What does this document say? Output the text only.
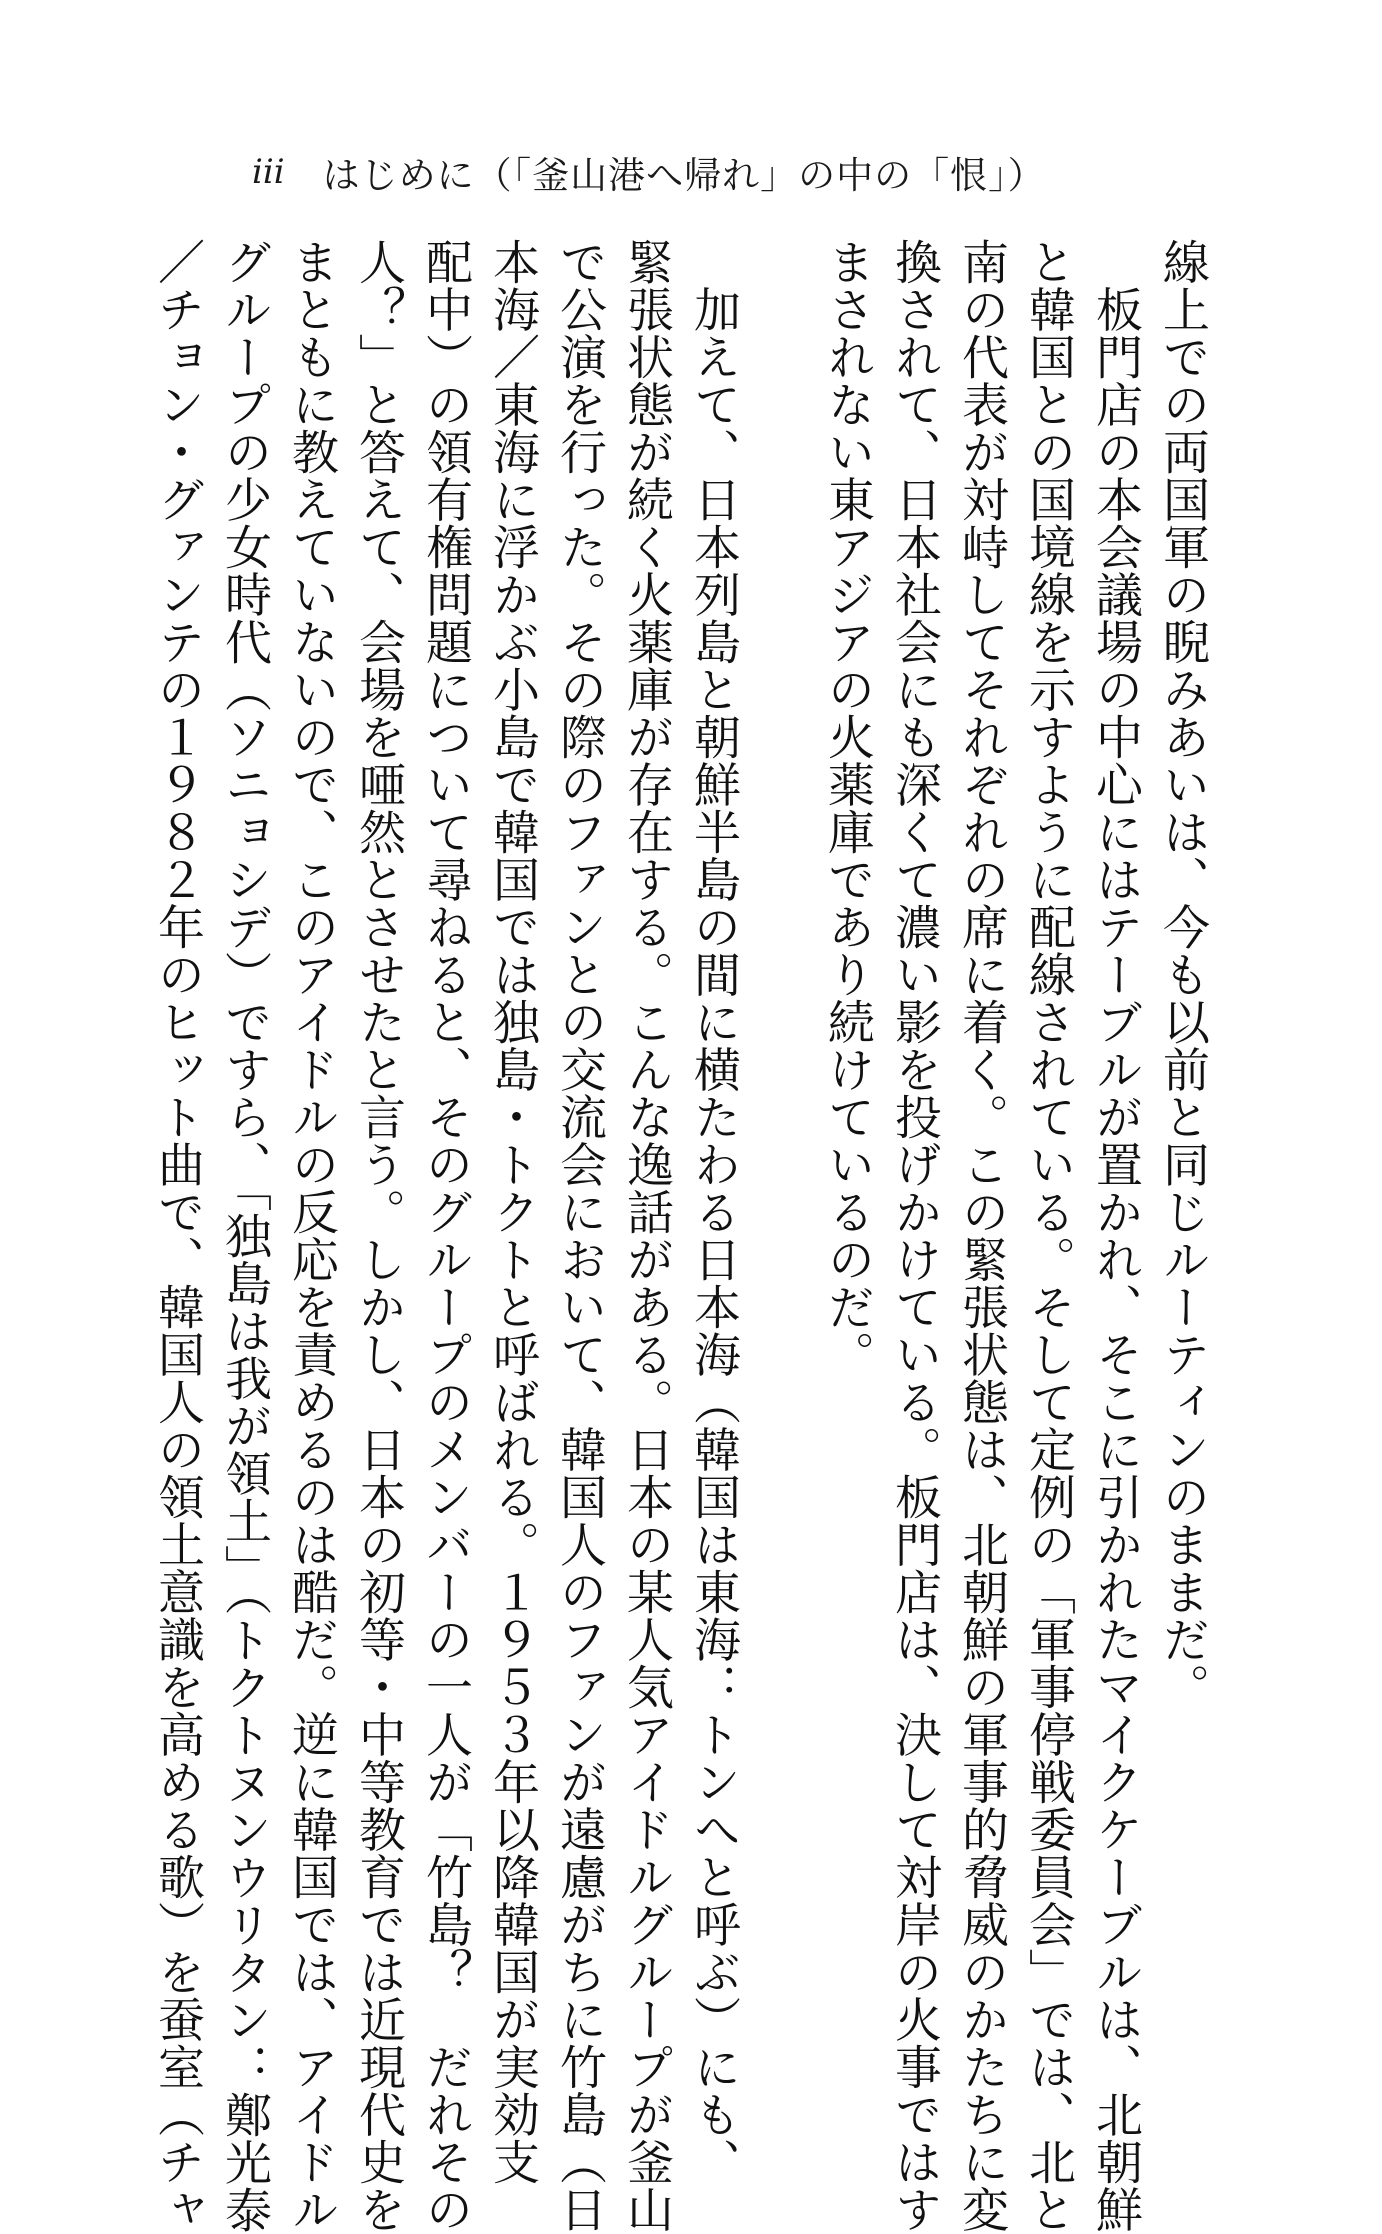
iii はじめに（「釜山港へ帰れ」の中の「恨」）
線上での両国軍の睨みあいは、今も以前と同じルーティンのままだ。
　板門店の本会議場の中心にはテーブルが置かれ、そこに引かれたマイクケーブルは、北朝鮮
と韓国との国境線を示すように配線されている。そして定例の「軍事停戦委員会」では、北と
南の代表が対峙してそれぞれの席に着く。この緊張状態は、北朝鮮の軍事的脅威のかたちに変
換されて、日本社会にも深くて濃い影を投げかけている。板門店は、決して対岸の火事ではす
まされない東アジアの火薬庫であり続けているのだ。
　加えて、日本列島と朝鮮半島の間に横たわる日本海（韓国は東海：トンへと呼ぶ）にも、
緊張状態が続く火薬庫が存在する。こんな逸話がある。日本の某人気アイドルグループが釜山
で公演を行った。その際のファンとの交流会において、韓国人のファンが遠慮がちに竹島（日
本海／東海に浮かぶ小島で韓国では独島・トクトと呼ばれる。１９５３年以降韓国が実効支
配中）の領有権問題について尋ねると、そのグループのメンバーの一人が「竹島？　だれその
人？」と答えて、会場を唖然とさせたと言う。しかし、日本の初等・中等教育では近現代史を
まともに教えていないので、このアイドルの反応を責めるのは酷だ。逆に韓国では、アイドル
グループの少女時代（ソニョシデ）ですら、「独島は我が領土」（トクトヌンウリタン：鄭光泰
／チョン・グァンテの１９８２年のヒット曲で、韓国人の領土意識を高める歌）を蚕室（チャ
